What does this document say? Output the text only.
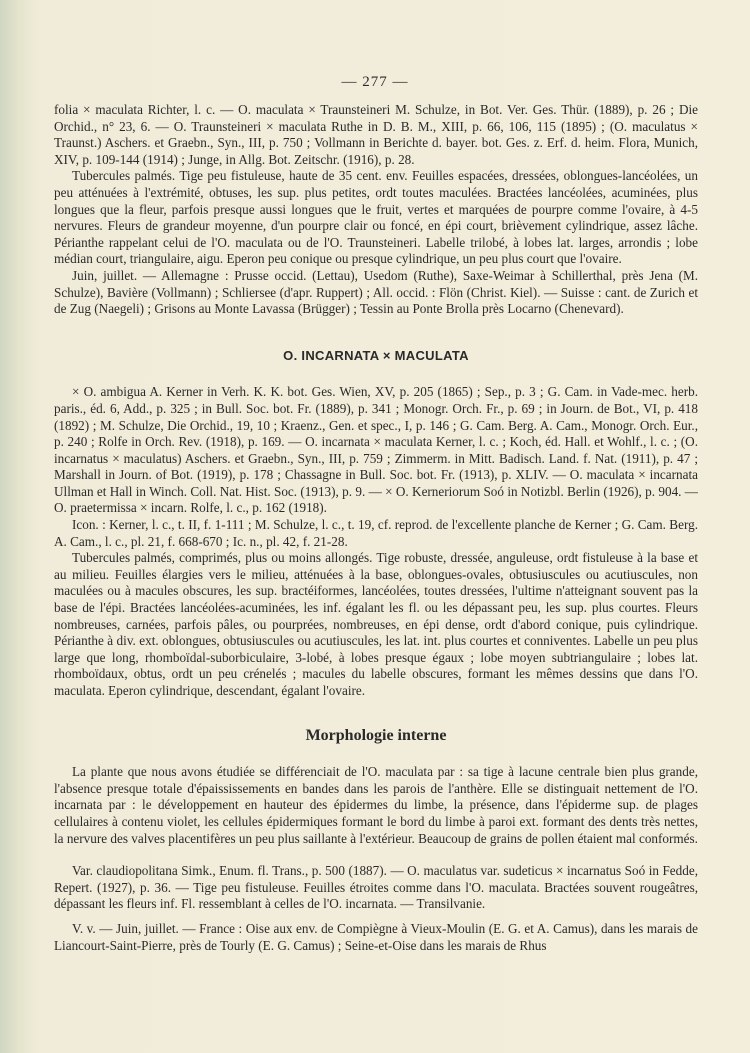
— 277 —

folia × maculata Richter, l. c. — O. maculata × Traunsteineri M. Schulze, in Bot. Ver. Ges. Thür. (1889), p. 26 ; Die Orchid., n° 23, 6. — O. Traunsteineri × maculata Ruthe in D. B. M., XIII, p. 66, 106, 115 (1895) ; (O. maculatus × Traunst.) Aschers. et Graebn., Syn., III, p. 750 ; Vollmann in Berichte d. bayer. bot. Ges. z. Erf. d. heim. Flora, Munich, XIV, p. 109-144 (1914) ; Junge, in Allg. Bot. Zeitschr. (1916), p. 28.

Tubercules palmés. Tige peu fistuleuse, haute de 35 cent. env. Feuilles espacées, dressées, oblongues-lancéolées, un peu atténuées à l'extrémité, obtuses, les sup. plus petites, ordt toutes maculées. Bractées lancéolées, acuminées, plus longues que la fleur, parfois presque aussi longues que le fruit, vertes et marquées de pourpre comme l'ovaire, à 4-5 nervures. Fleurs de grandeur moyenne, d'un pourpre clair ou foncé, en épi court, brièvement cylindrique, assez lâche. Périanthe rappelant celui de l'O. maculata ou de l'O. Traunsteineri. Labelle trilobé, à lobes lat. larges, arrondis ; lobe médian court, triangulaire, aigu. Eperon peu conique ou presque cylindrique, un peu plus court que l'ovaire.

Juin, juillet. — Allemagne : Prusse occid. (Lettau), Usedom (Ruthe), Saxe-Weimar à Schillerthal, près Jena (M. Schulze), Bavière (Vollmann) ; Schliersee (d'apr. Ruppert) ; All. occid. : Flön (Christ. Kiel). — Suisse : cant. de Zurich et de Zug (Naegeli) ; Grisons au Monte Lavassa (Brügger) ; Tessin au Ponte Brolla près Locarno (Chenevard).

O. INCARNATA × MACULATA

× O. ambigua A. Kerner in Verh. K. K. bot. Ges. Wien, XV, p. 205 (1865) ; Sep., p. 3 ; G. Cam. in Vade-mec. herb. paris., éd. 6, Add., p. 325 ; in Bull. Soc. bot. Fr. (1889), p. 341 ; Monogr. Orch. Fr., p. 69 ; in Journ. de Bot., VI, p. 418 (1892) ; M. Schulze, Die Orchid., 19, 10 ; Kraenz., Gen. et spec., I, p. 146 ; G. Cam. Berg. A. Cam., Monogr. Orch. Eur., p. 240 ; Rolfe in Orch. Rev. (1918), p. 169. — O. incarnata × maculata Kerner, l. c. ; Koch, éd. Hall. et Wohlf., l. c. ; (O. incarnatus × maculatus) Aschers. et Graebn., Syn., III, p. 759 ; Zimmerm. in Mitt. Badisch. Land. f. Nat. (1911), p. 47 ; Marshall in Journ. of Bot. (1919), p. 178 ; Chassagne in Bull. Soc. bot. Fr. (1913), p. XLIV. — O. maculata × incarnata Ullman et Hall in Winch. Coll. Nat. Hist. Soc. (1913), p. 9. — × O. Kerneriorum Soó in Notizbl. Berlin (1926), p. 904. — O. praetermissa × incarn. Rolfe, l. c., p. 162 (1918).

Icon. : Kerner, l. c., t. II, f. 1-111 ; M. Schulze, l. c., t. 19, cf. reprod. de l'excellente planche de Kerner ; G. Cam. Berg. A. Cam., l. c., pl. 21, f. 668-670 ; Ic. n., pl. 42, f. 21-28.

Tubercules palmés, comprimés, plus ou moins allongés. Tige robuste, dressée, anguleuse, ordt fistuleuse à la base et au milieu. Feuilles élargies vers le milieu, atténuées à la base, oblongues-ovales, obtusiuscules ou acutiuscules, non maculées ou à macules obscures, les sup. bractéiformes, lancéolées, toutes dressées, l'ultime n'atteignant souvent pas la base de l'épi. Bractées lancéolées-acuminées, les inf. égalant les fl. ou les dépassant peu, les sup. plus courtes. Fleurs nombreuses, carnées, parfois pâles, ou pourprées, nombreuses, en épi dense, ordt d'abord conique, puis cylindrique. Périanthe à div. ext. oblongues, obtusiuscules ou acutiuscules, les lat. int. plus courtes et conniventes. Labelle un peu plus large que long, rhomboïdal-suborbiculaire, 3-lobé, à lobes presque égaux ; lobe moyen subtriangulaire ; lobes lat. rhomboïdaux, obtus, ordt un peu crénelés ; macules du labelle obscures, formant les mêmes dessins que dans l'O. maculata. Eperon cylindrique, descendant, égalant l'ovaire.

Morphologie interne

La plante que nous avons étudiée se différenciait de l'O. maculata par : sa tige à lacune centrale bien plus grande, l'absence presque totale d'épaississements en bandes dans les parois de l'anthère. Elle se distinguait nettement de l'O. incarnata par : le développement en hauteur des épidermes du limbe, la présence, dans l'épiderme sup. de plages cellulaires à contenu violet, les cellules épidermiques formant le bord du limbe à paroi ext. formant des dents très nettes, la nervure des valves placentifères un peu plus saillante à l'extérieur. Beaucoup de grains de pollen étaient mal conformés.

Var. claudiopolitana Simk., Enum. fl. Trans., p. 500 (1887). — O. maculatus var. sudeticus × incarnatus Soó in Fedde, Repert. (1927), p. 36. — Tige peu fistuleuse. Feuilles étroites comme dans l'O. maculata. Bractées souvent rougeâtres, dépassant les fleurs inf. Fl. ressemblant à celles de l'O. incarnata. — Transilvanie.

V. v. — Juin, juillet. — France : Oise aux env. de Compiègne à Vieux-Moulin (E. G. et A. Camus), dans les marais de Liancourt-Saint-Pierre, près de Tourly (E. G. Camus) ; Seine-et-Oise dans les marais de Rhus
